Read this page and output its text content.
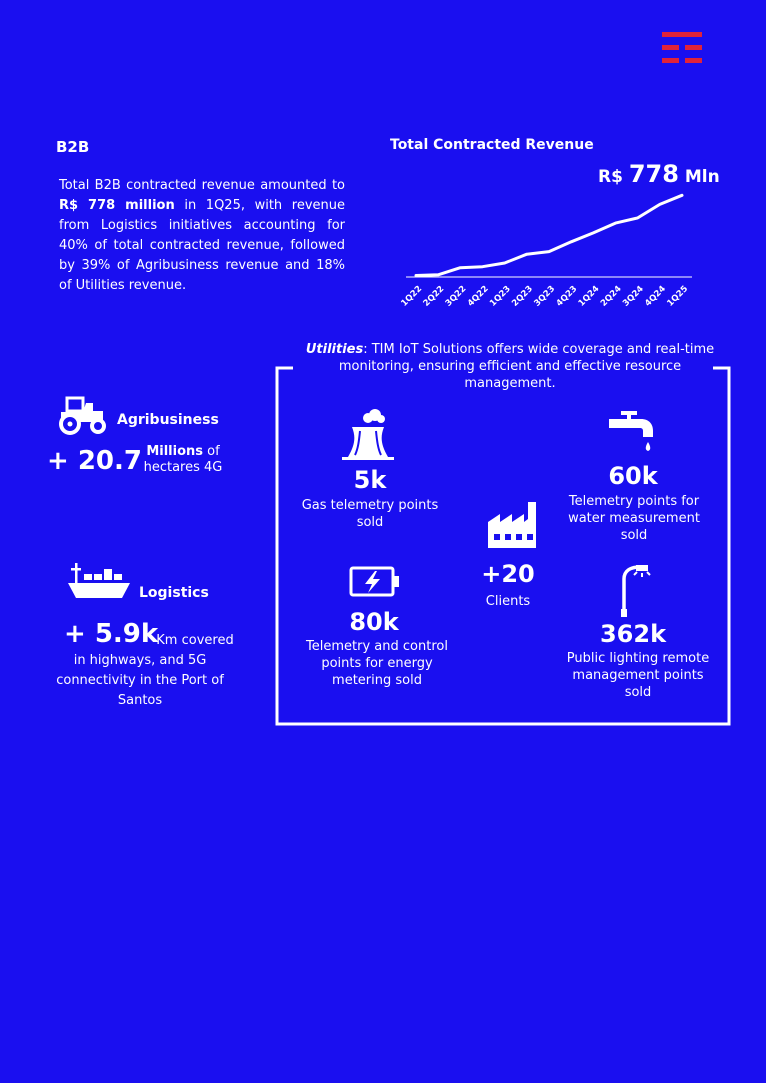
B2B
Total B2B contracted revenue amounted to R$ 778 million in 1Q25, with revenue from Logistics initiatives accounting for 40% of total contracted revenue, followed by 39% of Agribusiness revenue and 18% of Utilities revenue.
Total Contracted Revenue
R$ 778 Mln
1Q22
2Q22
3Q22
4Q22
1Q23
2Q23
3Q23
4Q23
1Q24
2Q24
3Q24
4Q24
1Q25
Utilities: TIM IoT Solutions offers wide coverage and real-time monitoring, ensuring efficient and effective resource management.
Agribusiness
+ 20.7 Millions of hectares 4G
Logistics
+ 5.9k
Km covered
in highways, and 5G connectivity in the Port of Santos
5k
Gas telemetry points sold
60k
Telemetry points for water measurement sold
+20
Clients
80k
Telemetry and control points for energy metering sold
362k
Public lighting remote management points sold
